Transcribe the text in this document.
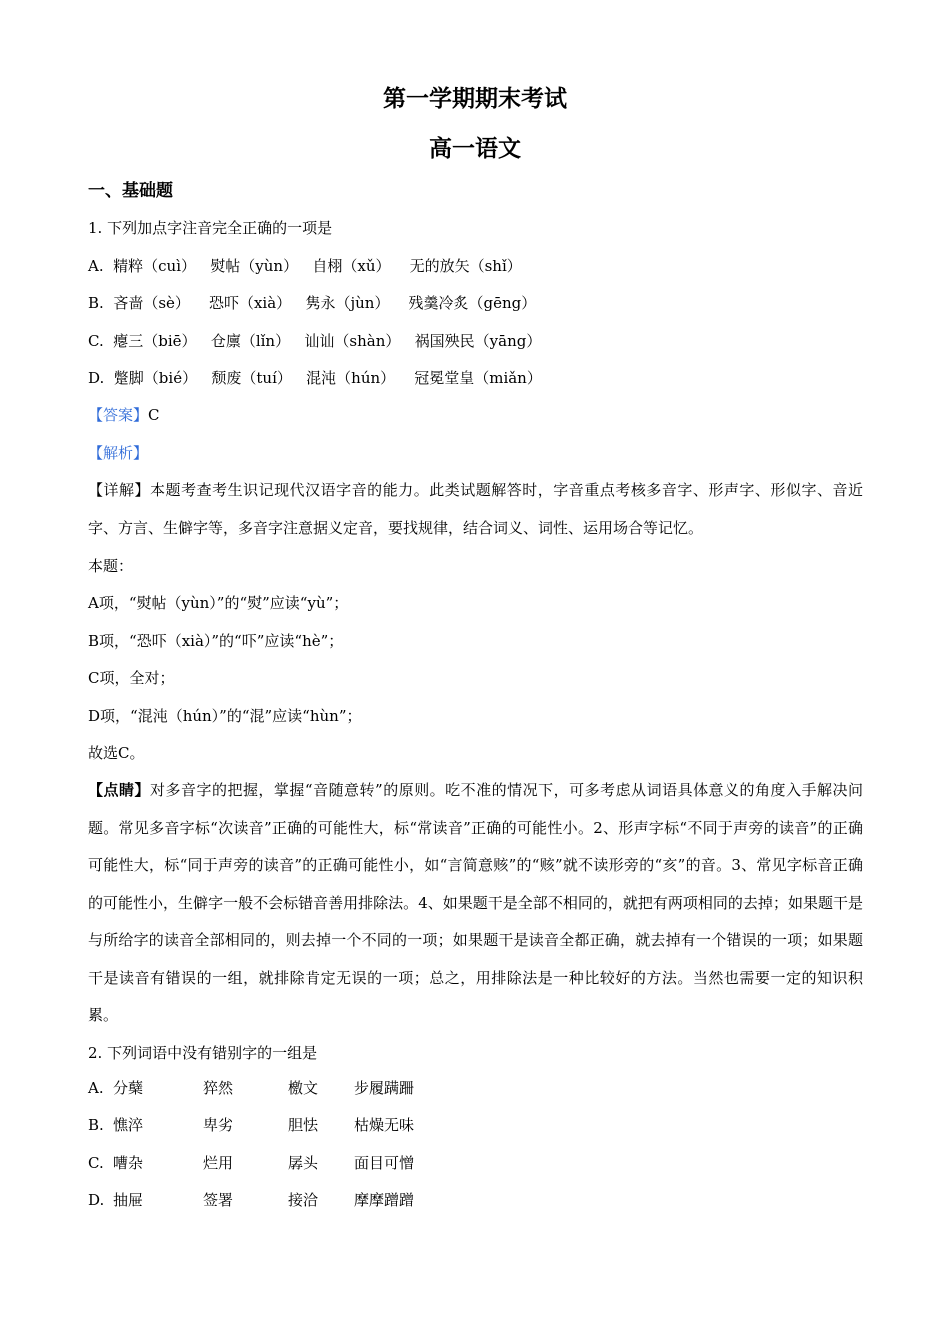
第一学期期末考试
高一语文
一、基础题
1. 下列加点字注音完全正确的一项是
A.  精粹（cuì）   熨帖（yùn）   自栩（xǔ）    无的放矢（shǐ）
B.  吝啬（sè）    恐吓（xià）   隽永（jùn）    残羹冷炙（gēng）
C.  瘪三（biē）   仓廪（lǐn）   讪讪（shàn）   祸国殃民（yāng）
D.  蹩脚（bié）   颓废（tuí）   混沌（hún）    冠冕堂皇（miǎn）
【答案】C
【解析】
【详解】本题考查考生识记现代汉语字音的能力。此类试题解答时，字音重点考核多音字、形声字、形似字、音近字、方言、生僻字等，多音字注意据义定音，要找规律，结合词义、词性、运用场合等记忆。
本题：
A项，“熨帖（yùn）”的“熨”应读“yù”；
B项，“恐吓（xià）”的“吓”应读“hè”；
C项，全对；
D项，“混沌（hún）”的“混”应读“hùn”；
故选C。
【点睛】对多音字的把握，掌握“音随意转”的原则。吃不准的情况下，可多考虑从词语具体意义的角度入手解决问题。常见多音字标“次读音”正确的可能性大，标“常读音”正确的可能性小。2、形声字标“不同于声旁的读音”的正确可能性大，标“同于声旁的读音”的正确可能性小，如“言简意赅”的“赅”就不读形旁的“亥”的音。3、常见字标音正确的可能性小，生僻字一般不会标错音善用排除法。4、如果题干是全部不相同的，就把有两项相同的去掉；如果题干是与所给字的读音全部相同的，则去掉一个不同的一项；如果题干是读音全都正确，就去掉有一个错误的一项；如果题干是读音有错误的一组，就排除肯定无误的一项；总之，用排除法是一种比较好的方法。当然也需要一定的知识积累。
2. 下列词语中没有错别字的一组是
A. 分蘖	猝然	檄文 步履蹒跚
B. 憔淬	卑劣	胆怯 枯燥无味
C. 嘈杂	烂用	孱头 面目可憎
D. 抽屉	签署	接洽 摩摩蹭蹭
